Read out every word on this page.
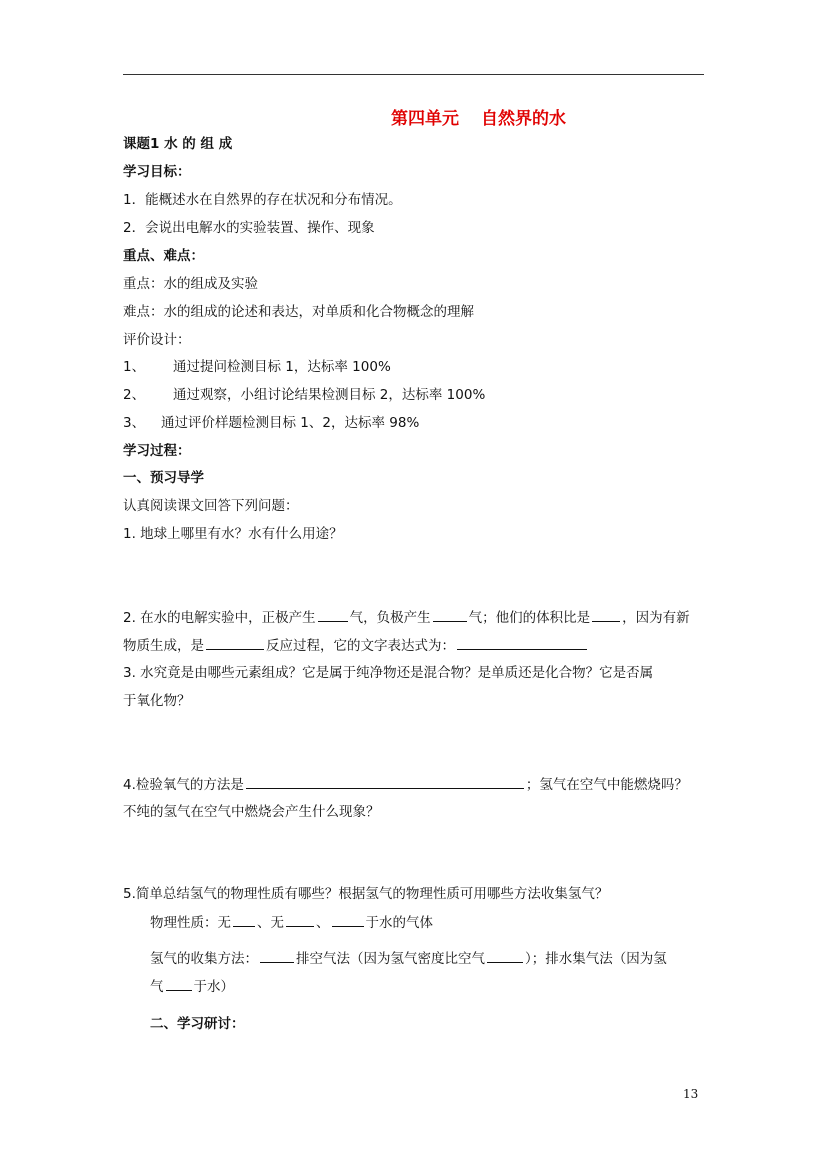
第四单元 自然界的水
课题1 水 的 组 成
学习目标：
1．能概述水在自然界的存在状况和分布情况。
2．会说出电解水的实验装置、操作、现象
重点、难点：
重点：水的组成及实验
难点：水的组成的论述和表达，对单质和化合物概念的理解
评价设计：
1、 通过提问检测目标 1，达标率 100%
2、 通过观察，小组讨论结果检测目标 2，达标率 100%
3、 通过评价样题检测目标 1、2，达标率 98%
学习过程：
一、预习导学
认真阅读课文回答下列问题：
1. 地球上哪里有水？水有什么用途？
2. 在水的电解实验中，正极产生	气，负极产生	气；他们的体积比是 ，因为有新
物质生成，是	反应过程，它的文字表达式为：
3. 水究竟是由哪些元素组成？它是属于纯净物还是混合物？是单质还是化合物？它是否属
于氧化物？
4.检验氧气的方法是	；氢气在空气中能燃烧吗？
不纯的氢气在空气中燃烧会产生什么现象？
5.简单总结氢气的物理性质有哪些？根据氢气的物理性质可用哪些方法收集氢气？
物理性质：无 、无 、	于水的气体
氢气的收集方法：	排空气法（因为氢气密度比空气	）；排水集气法（因为氢
气 于水）
二、学习研讨：
13
